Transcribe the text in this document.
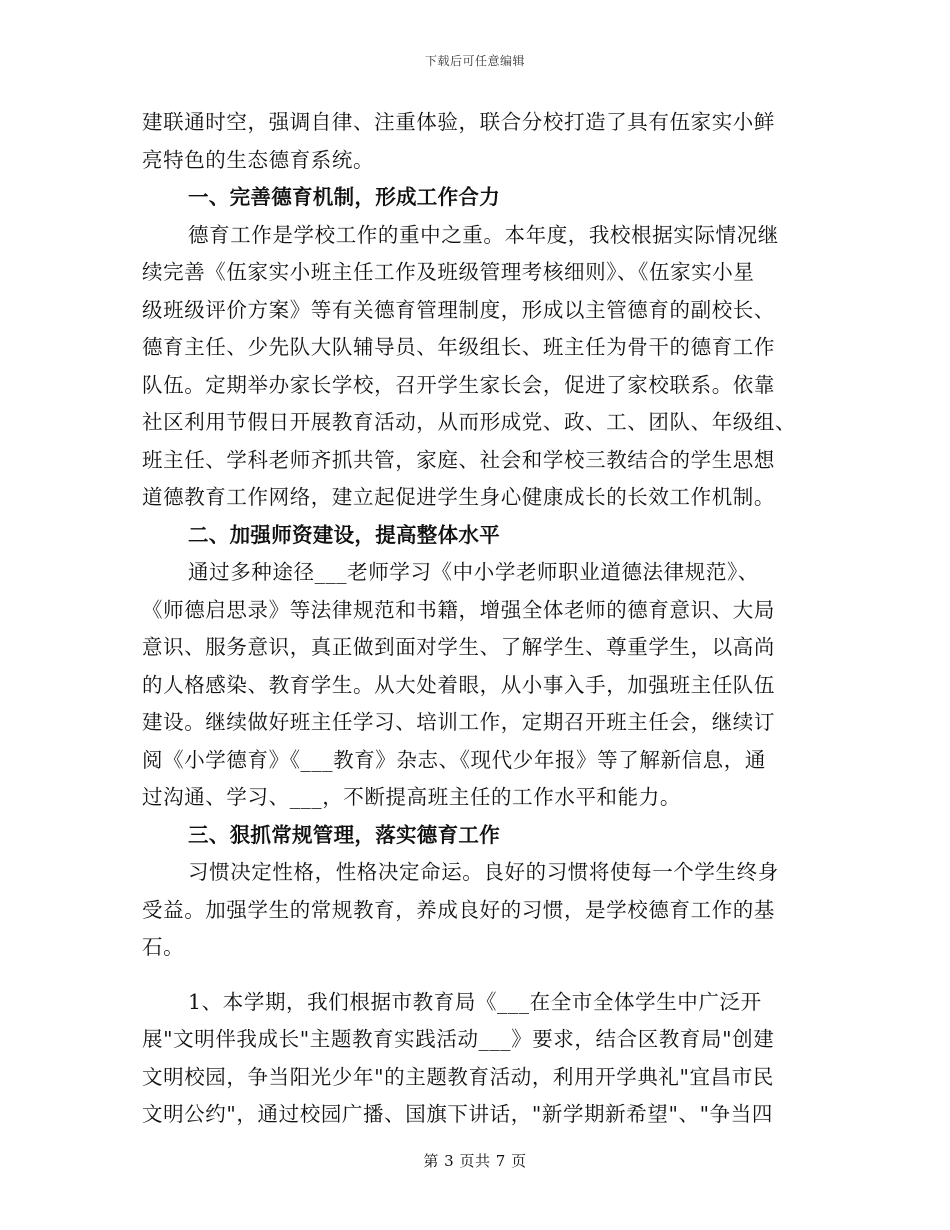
下载后可任意编辑
建联通时空，强调自律、注重体验，联合分校打造了具有伍家实小鲜
亮特色的生态德育系统。
一、完善德育机制，形成工作合力
德育工作是学校工作的重中之重。本年度，我校根据实际情况继
续完善《伍家实小班主任工作及班级管理考核细则》、《伍家实小星
级班级评价方案》等有关德育管理制度，形成以主管德育的副校长、
德育主任、少先队大队辅导员、年级组长、班主任为骨干的德育工作
队伍。定期举办家长学校，召开学生家长会，促进了家校联系。依靠
社区利用节假日开展教育活动，从而形成党、政、工、团队、年级组、
班主任、学科老师齐抓共管，家庭、社会和学校三教结合的学生思想
道德教育工作网络，建立起促进学生身心健康成长的长效工作机制。
二、加强师资建设，提高整体水平
通过多种途径___老师学习《中小学老师职业道德法律规范》、
《师德启思录》等法律规范和书籍，增强全体老师的德育意识、大局
意识、服务意识，真正做到面对学生、了解学生、尊重学生，以高尚
的人格感染、教育学生。从大处着眼，从小事入手，加强班主任队伍
建设。继续做好班主任学习、培训工作，定期召开班主任会，继续订
阅《小学德育》《___教育》杂志、《现代少年报》等了解新信息，通
过沟通、学习、___，不断提高班主任的工作水平和能力。
三、狠抓常规管理，落实德育工作
习惯决定性格，性格决定命运。良好的习惯将使每一个学生终身
受益。加强学生的常规教育，养成良好的习惯，是学校德育工作的基
石。
1、本学期，我们根据市教育局《___在全市全体学生中广泛开
展"文明伴我成长"主题教育实践活动___》要求，结合区教育局"创建
文明校园，争当阳光少年"的主题教育活动，利用开学典礼"宜昌市民
文明公约"，通过校园广播、国旗下讲话，"新学期新希望"、"争当四
第 3 页共 7 页
